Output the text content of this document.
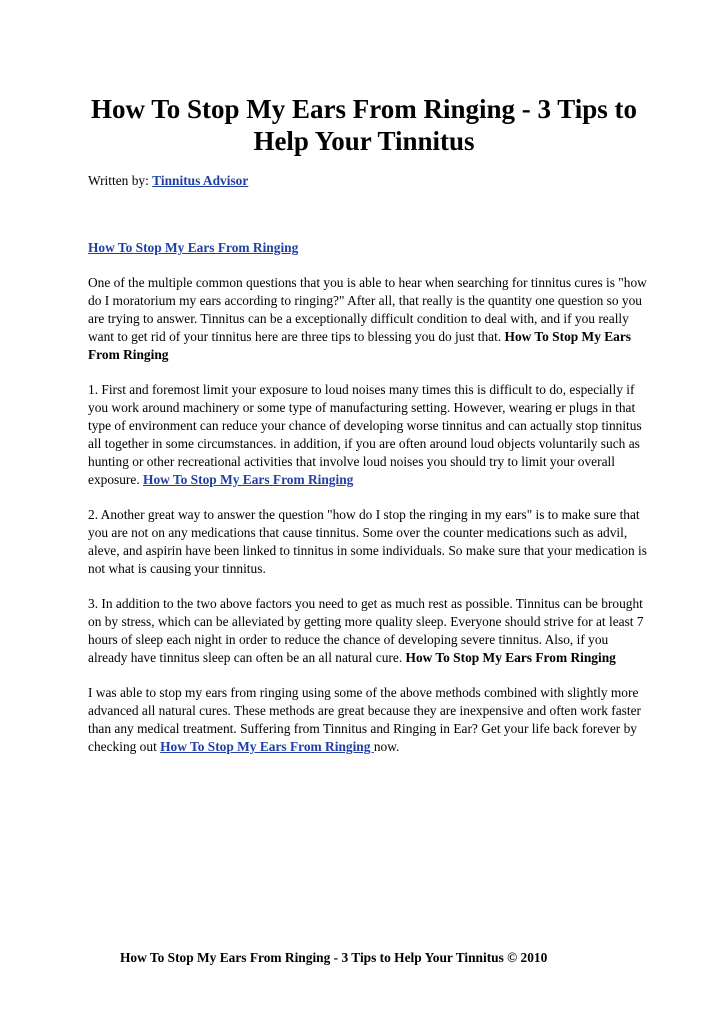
How To Stop My Ears From Ringing - 3 Tips to Help Your Tinnitus
Written by: Tinnitus Advisor

How To Stop My Ears From Ringing

One of the multiple common questions that you is able to hear when searching for tinnitus cures is "how do I moratorium my ears according to ringing?" After all, that really is the quantity one question so you are trying to answer. Tinnitus can be a exceptionally difficult condition to deal with, and if you really want to get rid of your tinnitus here are three tips to blessing you do just that. How To Stop My Ears From Ringing

1. First and foremost limit your exposure to loud noises many times this is difficult to do, especially if you work around machinery or some type of manufacturing setting. However, wearing er plugs in that type of environment can reduce your chance of developing worse tinnitus and can actually stop tinnitus all together in some circumstances. in addition, if you are often around loud objects voluntarily such as hunting or other recreational activities that involve loud noises you should try to limit your overall exposure. How To Stop My Ears From Ringing

2. Another great way to answer the question "how do I stop the ringing in my ears" is to make sure that you are not on any medications that cause tinnitus. Some over the counter medications such as advil, aleve, and aspirin have been linked to tinnitus in some individuals. So make sure that your medication is not what is causing your tinnitus.

3. In addition to the two above factors you need to get as much rest as possible. Tinnitus can be brought on by stress, which can be alleviated by getting more quality sleep. Everyone should strive for at least 7 hours of sleep each night in order to reduce the chance of developing severe tinnitus. Also, if you already have tinnitus sleep can often be an all natural cure. How To Stop My Ears From Ringing

I was able to stop my ears from ringing using some of the above methods combined with slightly more advanced all natural cures. These methods are great because they are inexpensive and often work faster than any medical treatment. Suffering from Tinnitus and Ringing in Ear? Get your life back forever by checking out How To Stop My Ears From Ringing now.

How To Stop My Ears From Ringing - 3 Tips to Help Your Tinnitus © 2010
